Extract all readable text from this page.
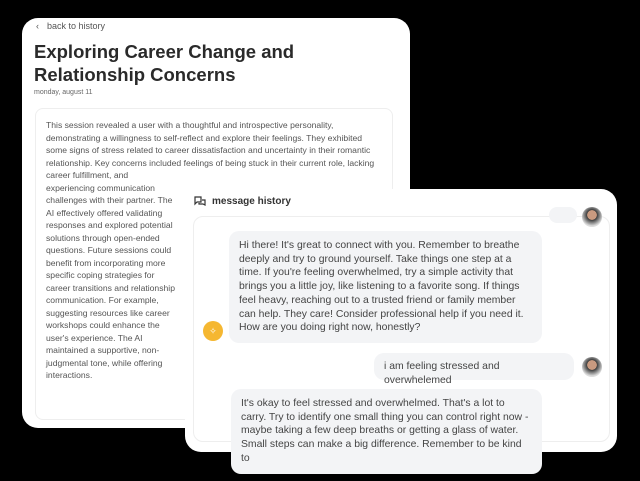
‹ back to history
Exploring Career Change and Relationship Concerns
monday, august 11
This session revealed a user with a thoughtful and introspective personality, demonstrating a willingness to self-reflect and explore their feelings. They exhibited some signs of stress related to career dissatisfaction and uncertainty in their romantic relationship. Key concerns included feelings of being stuck in their current role, lacking career fulfillment, and experiencing communication challenges with their partner. The AI effectively offered validating responses and explored potential solutions through open-ended questions. Future sessions could benefit from incorporating more specific coping strategies for career transitions and relationship communication. For example, suggesting resources like career workshops could enhance the user's experience. The AI maintained a supportive, non-judgmental tone, while offering interactions.
message history
Hi there! It's great to connect with you. Remember to breathe deeply and try to ground yourself. Take things one step at a time. If you're feeling overwhelmed, try a simple activity that brings you a little joy, like listening to a favorite song. If things feel heavy, reaching out to a trusted friend or family member can help. They care! Consider professional help if you need it. How are you doing right now, honestly?
✧
i am feeling stressed and overwhelemed
It's okay to feel stressed and overwhelmed. That's a lot to carry. Try to identify one small thing you can control right now - maybe taking a few deep breaths or getting a glass of water. Small steps can make a big difference. Remember to be kind to
